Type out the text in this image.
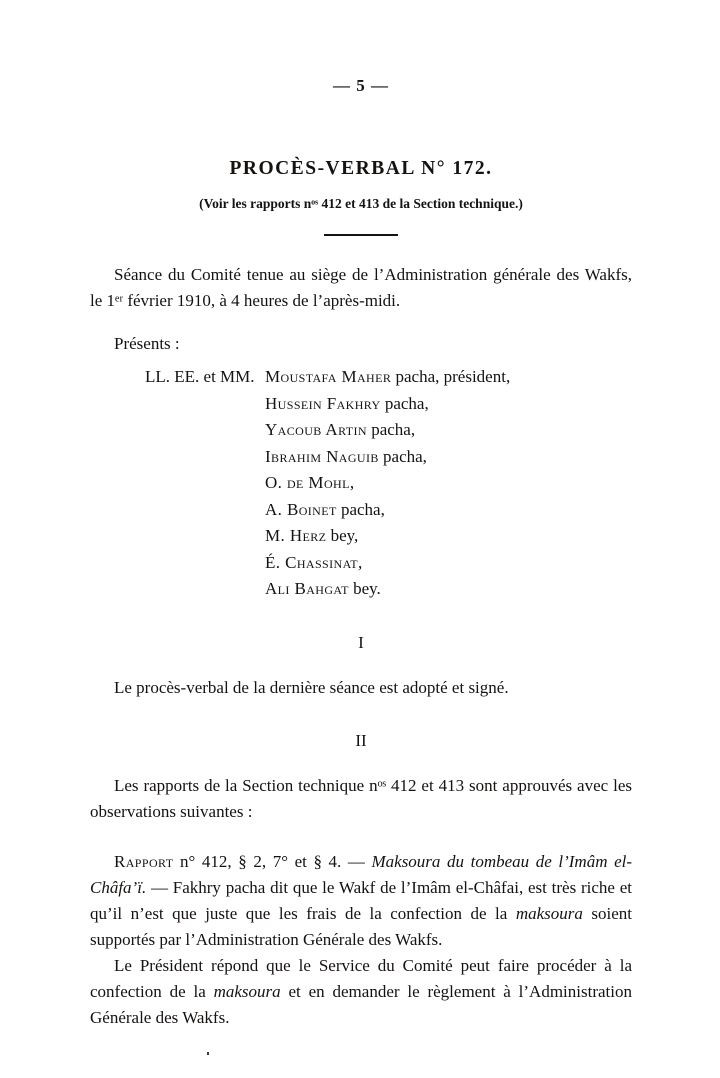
— 5 —
PROCÈS-VERBAL N° 172.
(Voir les rapports nᵒˢ 412 et 413 de la Section technique.)

Séance du Comité tenue au siège de l’Administration générale des Wakfs, le 1ᵉʳ février 1910, à 4 heures de l’après-midi.

Présents :
LL. EE. et MM. Moustafa Maher pacha, président,
Hussein Fakhry pacha,
Yacoub Artin pacha,
Ibrahim Naguib pacha,
O. de Mohl,
A. Boinet pacha,
M. Herz bey,
É. Chassinat,
Ali Bahgat bey.
I

Le procès-verbal de la dernière séance est adopté et signé.

II

Les rapports de la Section technique nᵒˢ 412 et 413 sont approuvés avec les observations suivantes :

Rapport n° 412, § 2, 7° et § 4. — Maksoura du tombeau de l’Imâm el-Châfa’ï. — Fakhry pacha dit que le Wakf de l’Imâm el-Châfai, est très riche et qu’il n’est que juste que les frais de la confection de la maksoura soient supportés par l’Administration Générale des Wakfs.

Le Président répond que le Service du Comité peut faire procéder à la confection de la maksoura et en demander le règlement à l’Administration Générale des Wakfs.
